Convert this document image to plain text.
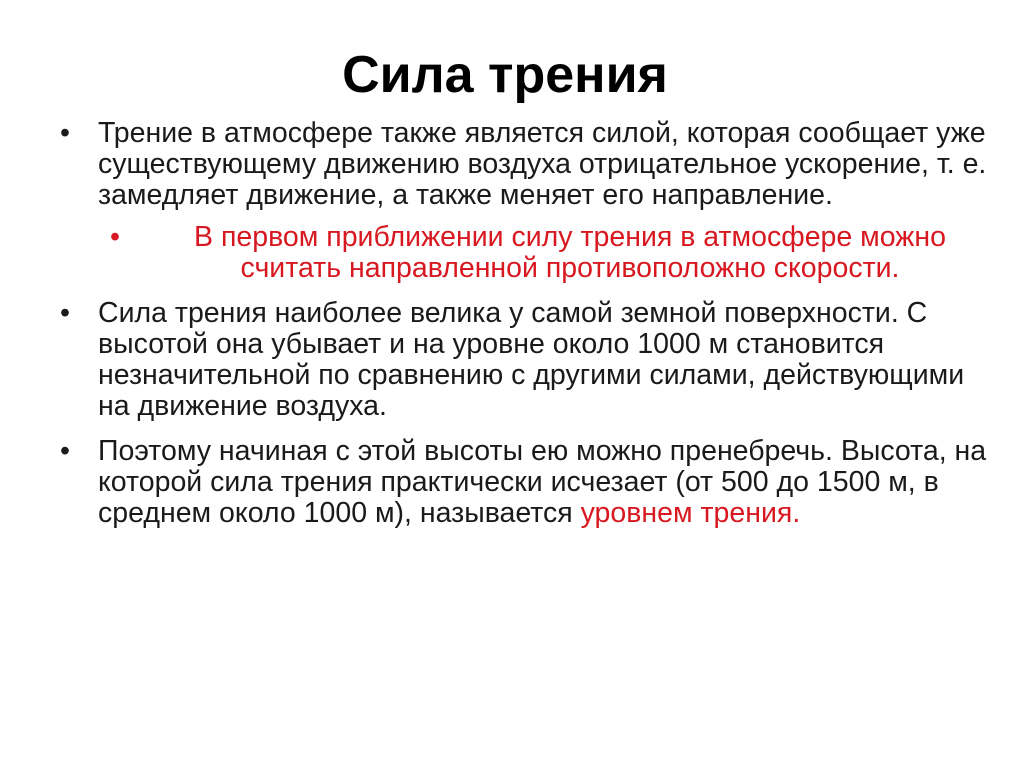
Сила трения
• Трение в атмосфере также является силой, которая сообщает уже существующему движению воздуха отрицательное ускорение, т. е. замедляет движение, а также меняет его направление.
•	В первом приближении силу трения в атмосфере можно считать направленной противоположно скорости.
• Сила трения наиболее велика у самой земной поверхности. С высотой она убывает и на уровне около 1000 м становится незначительной по сравнению с другими силами, действующими на движение воздуха.
• Поэтому начиная с этой высоты ею можно пренебречь. Высота, на которой сила трения практически исчезает (от 500 до 1500 м, в среднем около 1000 м), называется уровнем трения.
